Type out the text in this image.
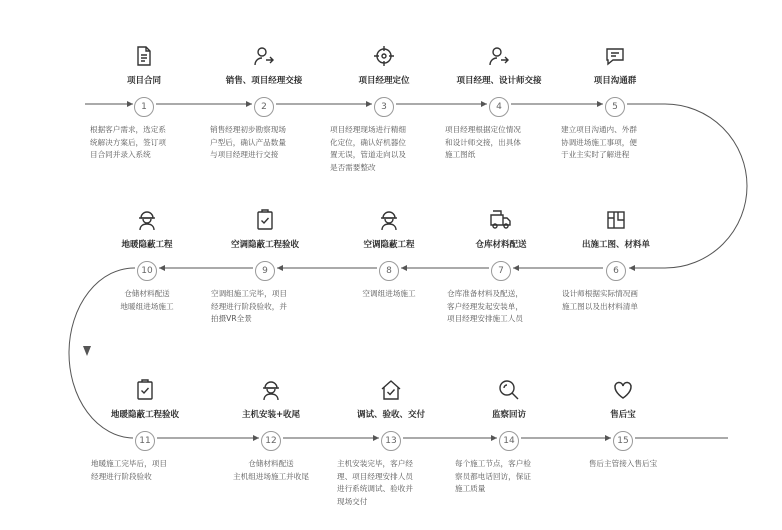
项目合同
1
根据客户需求，选定系
统解决方案后，签订项
目合同并录入系统
销售、项目经理交接
2
销售经理初步勘察现场
户型后，确认产品数量
与项目经理进行交接
项目经理定位
3
项目经理现场进行精细
化定位，确认好机器位
置无误，管道走向以及
是否需要整改
项目经理、设计师交接
4
项目经理根据定位情况
和设计师交接，出具体
施工图纸
项目沟通群
5
建立项目沟通内、外群
协调进场施工事项，便
于业主实时了解进程
出施工图、材料单
6
设计师根据实际情况画
施工图以及出材料清单
仓库材料配送
7
仓库准备材料及配送，
客户经理发起安装单，
项目经理安排施工人员
空调隐蔽工程
8
空调组进场施工
空调隐蔽工程验收
9
空调组施工完毕，项目
经理进行阶段验收，并
拍摄VR全景
地暖隐蔽工程
10
仓储材料配送
地暖组进场施工
地暖隐蔽工程验收
11
地暖施工完毕后，项目
经理进行阶段验收
主机安装+收尾
12
仓储材料配送
主机组进场施工并收尾
调试、验收、交付
13
主机安装完毕，客户经
理、项目经理安排人员
进行系统调试、验收并
现场交付
监察回访
14
每个施工节点，客户检
察员都电话回访，保证
施工质量
售后宝
15
售后主管接入售后宝
